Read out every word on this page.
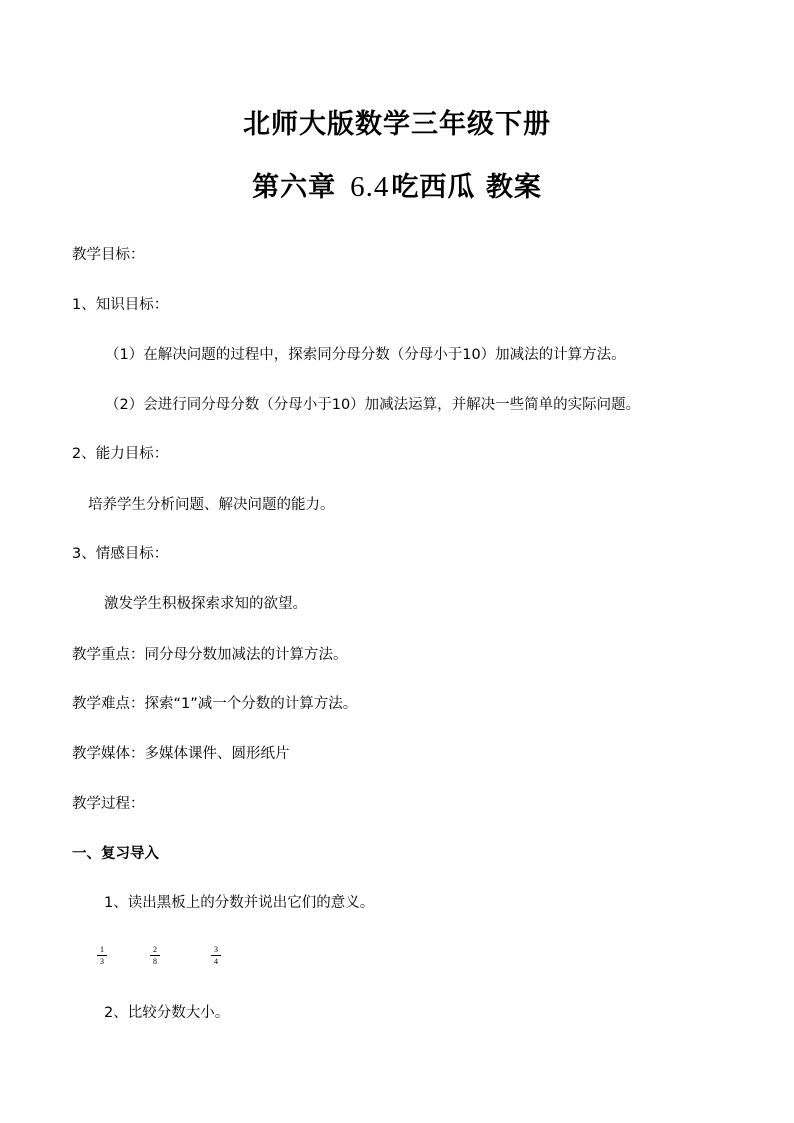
北师大版数学三年级下册
第六章 6.4吃西瓜 教案
教学目标：
1、知识目标：
（1）在解决问题的过程中，探索同分母分数（分母小于10）加减法的计算方法。
（2）会进行同分母分数（分母小于10）加减法运算，并解决一些简单的实际问题。
2、能力目标：
培养学生分析问题、解决问题的能力。
3、情感目标：
激发学生积极探索求知的欲望。
教学重点：同分母分数加减法的计算方法。
教学难点：探索“1”减一个分数的计算方法。
教学媒体：多媒体课件、圆形纸片
教学过程：
一、复习导入
1、读出黑板上的分数并说出它们的意义。
1
3
2
8
3
4
2、比较分数大小。
